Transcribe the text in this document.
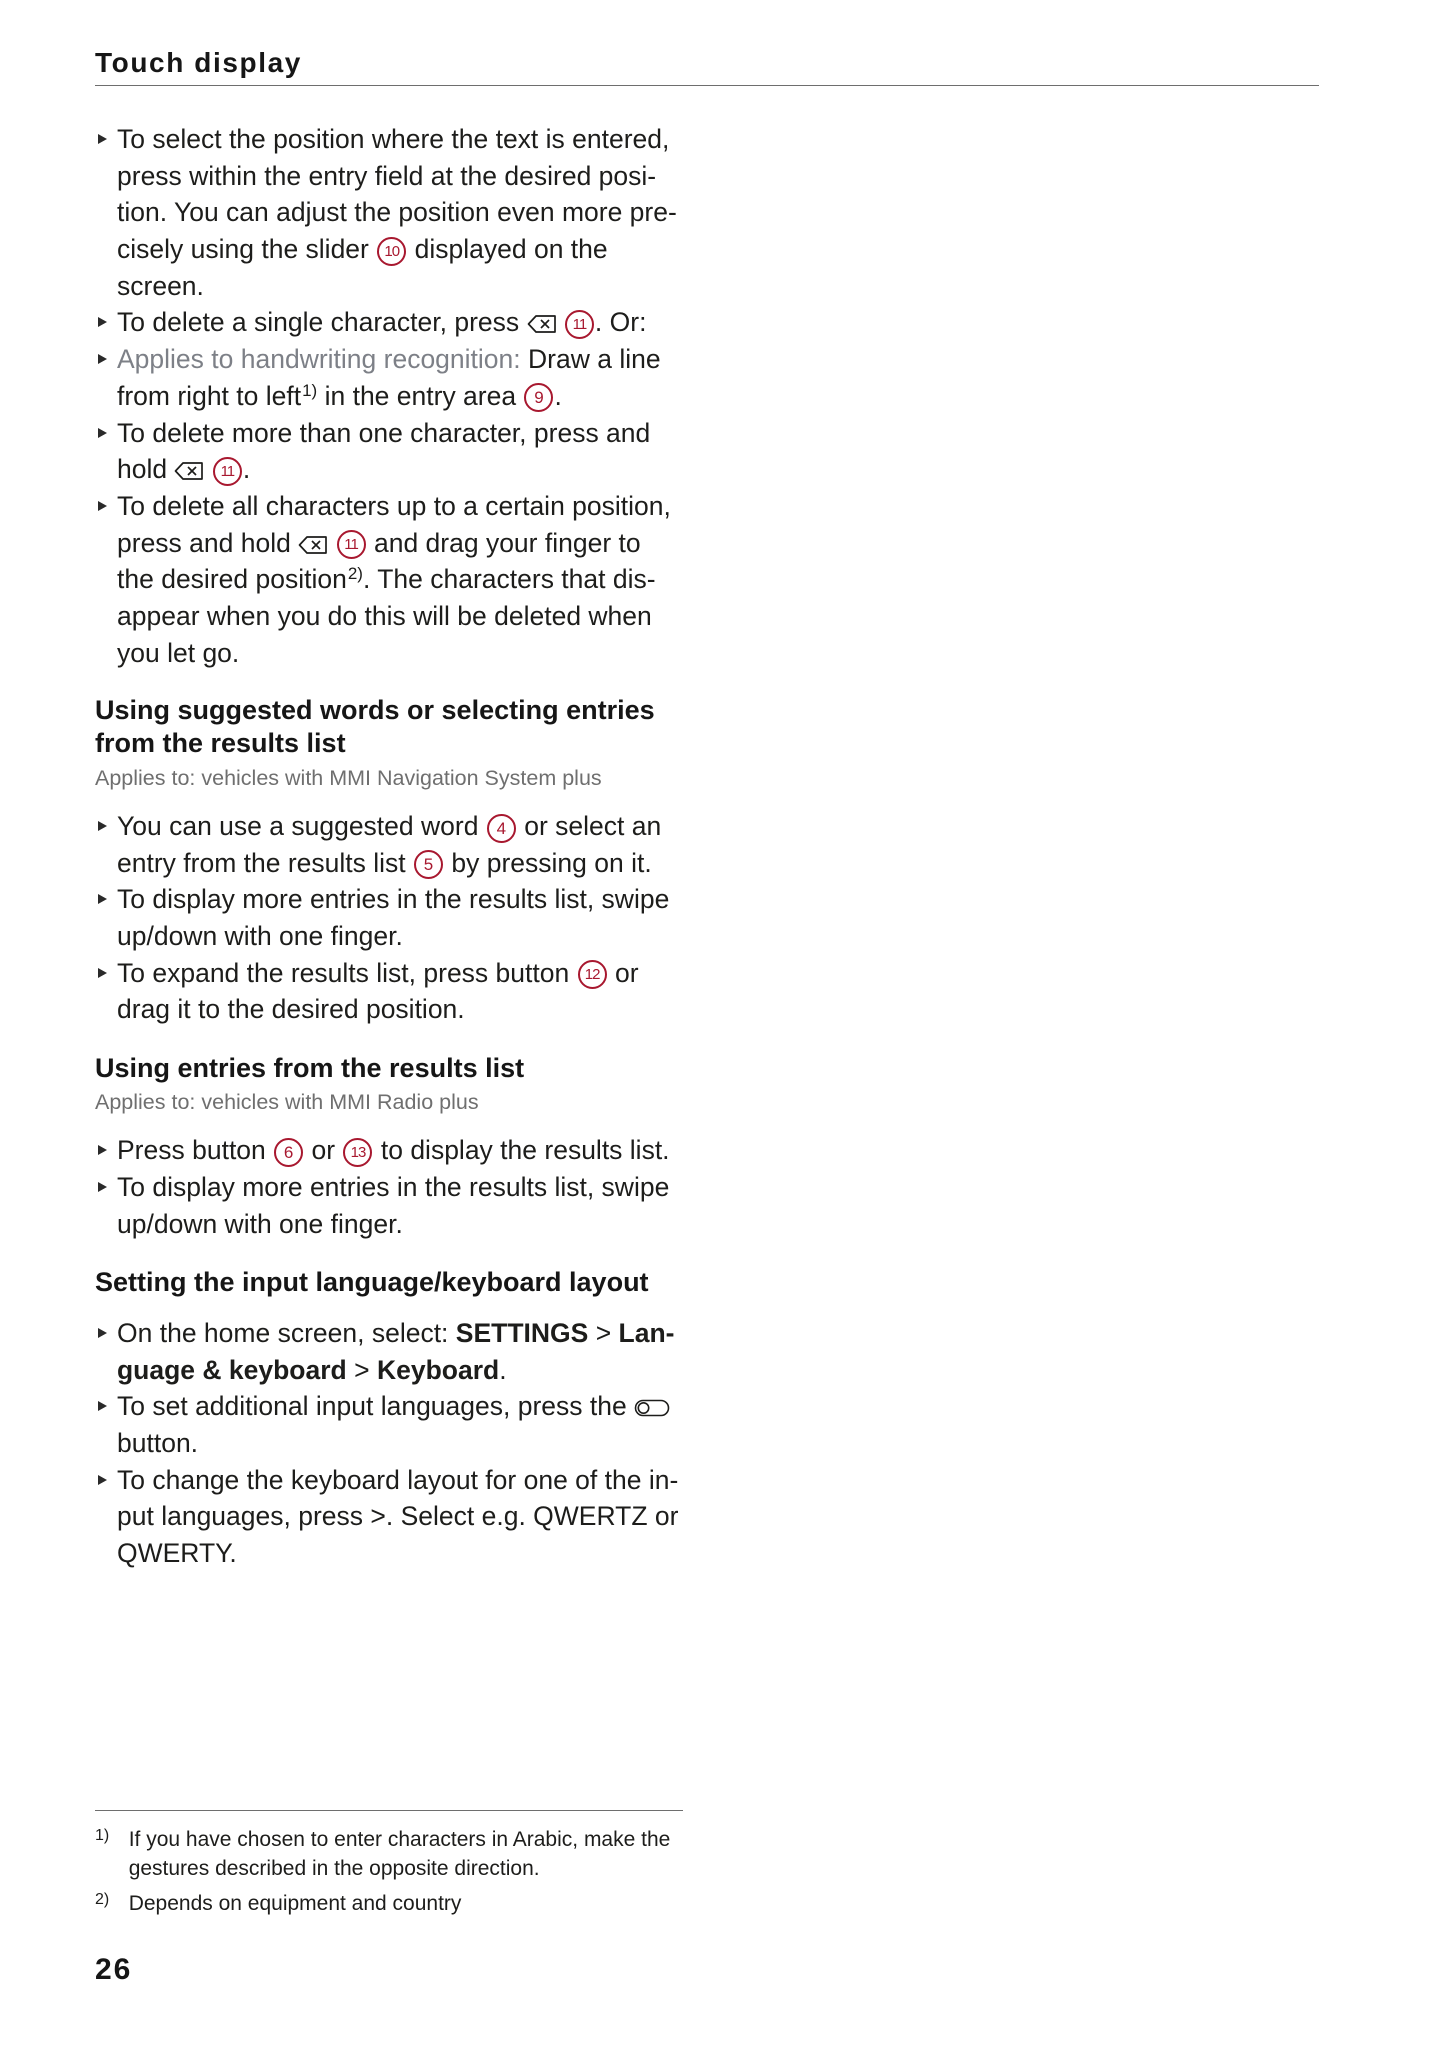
Touch display
To select the position where the text is entered,
press within the entry field at the desired posi-
tion. You can adjust the position even more pre-
cisely using the slider 10 displayed on the
screen.
To delete a single character, press	11 . Or:
Applies to handwriting recognition: Draw a line
from right to left$^{1)}$ in the entry area 9 .
To delete more than one character, press and
hold	11 .
To delete all characters up to a certain position,
press and hold	11 and drag your finger to
the desired position$^{2)}$. The characters that dis-
appear when you do this will be deleted when
you let go.
Using suggested words or selecting entries
from the results list
Applies to: vehicles with MMI Navigation System plus
You can use a suggested word 4 or select an
entry from the results list 5 by pressing on it.
To display more entries in the results list, swipe
up/down with one finger.
To expand the results list, press button 12 or
drag it to the desired position.
Using entries from the results list
Applies to: vehicles with MMI Radio plus
Press button 6 or 13 to display the results list.
To display more entries in the results list, swipe
up/down with one finger.
Setting the input language/keyboard layout
On the home screen, select: SETTINGS > Lan-
guage & keyboard > Keyboard.
To set additional input languages, press the
button.
To change the keyboard layout for one of the in-
put languages, press >. Select e.g. QWERTZ or
QWERTY.
1) If you have chosen to enter characters in Arabic, make the
gestures described in the opposite direction.
2) Depends on equipment and country
26
